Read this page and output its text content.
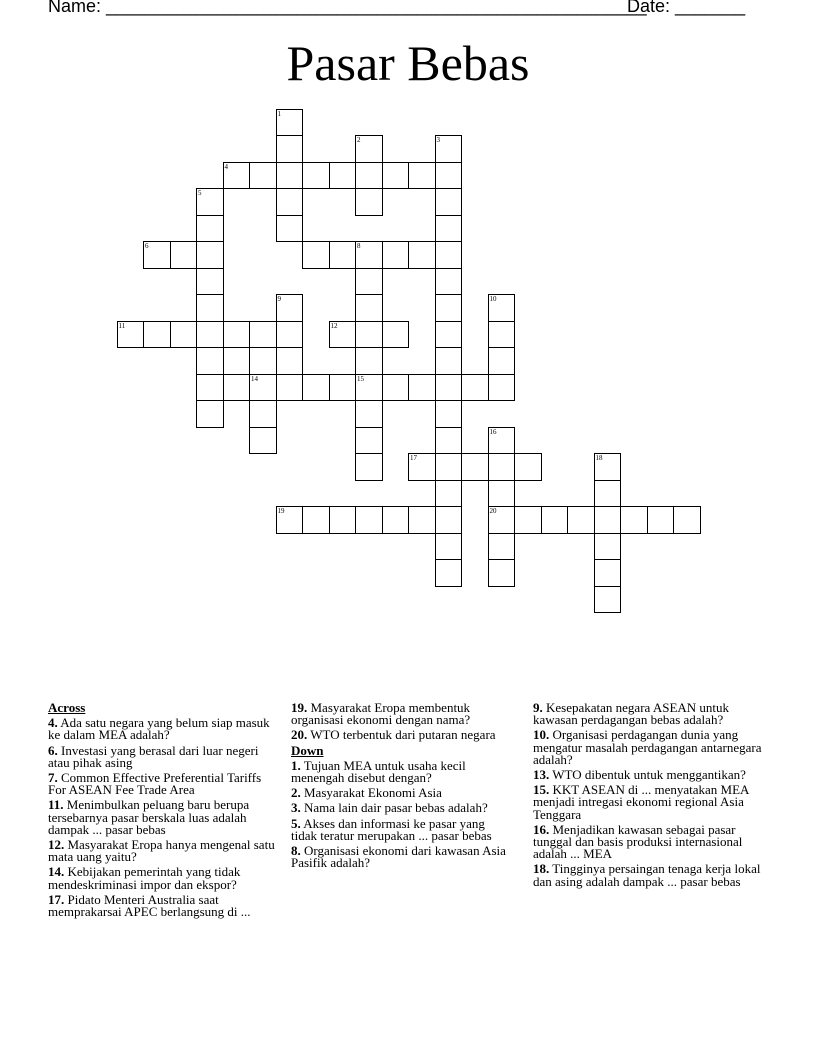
Name: ______________________________________________________
Date: _______
Pasar Bebas
1
2	3
4
5
6	8
15
9	10
11	12
14
16
20
17	18
19

Across

4. Ada satu negara yang belum siap masuk ke dalam MEA adalah?

6. Investasi yang berasal dari luar negeri atau pihak asing

7. Common Effective Preferential Tariffs For ASEAN Fee Trade Area

11. Menimbulkan peluang baru berupa tersebarnya pasar berskala luas adalah dampak ... pasar bebas

12. Masyarakat Eropa hanya mengenal satu mata uang yaitu?

14. Kebijakan pemerintah yang tidak mendeskriminasi impor dan ekspor?

17. Pidato Menteri Australia saat memprakarsai APEC berlangsung di ...

19. Masyarakat Eropa membentuk organisasi ekonomi dengan nama?

20. WTO terbentuk dari putaran negara

Down

1. Tujuan MEA untuk usaha kecil menengah disebut dengan?

2. Masyarakat Ekonomi Asia

3. Nama lain dair pasar bebas adalah?

5. Akses dan informasi ke pasar yang tidak teratur merupakan ... pasar bebas

8. Organisasi ekonomi dari kawasan Asia Pasifik adalah?

9. Kesepakatan negara ASEAN untuk kawasan perdagangan bebas adalah?

10. Organisasi perdagangan dunia yang mengatur masalah perdagangan antarnegara adalah?

13. WTO dibentuk untuk menggantikan?

15. KKT ASEAN di ... menyatakan MEA menjadi intregasi ekonomi regional Asia Tenggara

16. Menjadikan kawasan sebagai pasar tunggal dan basis produksi internasional adalah ... MEA

18. Tingginya persaingan tenaga kerja lokal dan asing adalah dampak ... pasar bebas
